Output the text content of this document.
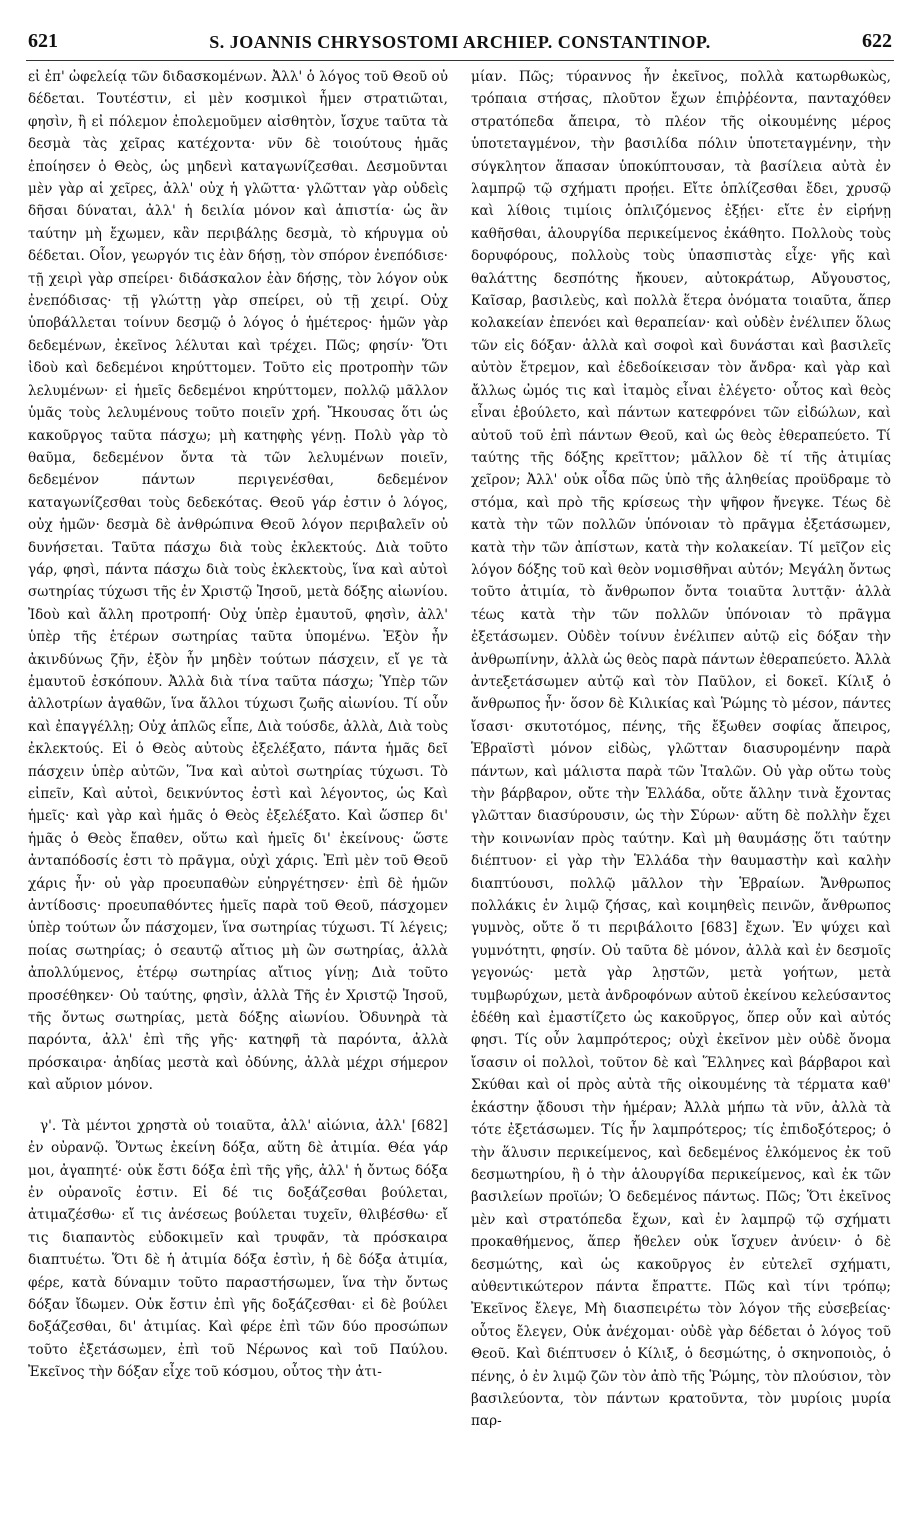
621	S. JOANNIS CHRYSOSTOMI ARCHIEP. CONSTANTINOP.	622

εἰ ἐπ' ὠφελείᾳ τῶν διδασκομένων. Ἀλλ' ὁ λόγος τοῦ Θεοῦ οὐ δέδεται. Τουτέστιν, εἰ μὲν κοσμικοὶ ἦμεν στρατιῶται, φησὶν, ἢ εἰ πόλεμον ἐπολεμοῦμεν αἰσθητὸν, ἴσχυε ταῦτα τὰ δεσμὰ τὰς χεῖρας κατέχοντα· νῦν δὲ τοιούτους ἡμᾶς ἐποίησεν ὁ Θεὸς, ὡς μηδενὶ καταγωνίζεσθαι. Δεσμοῦνται μὲν γὰρ αἱ χεῖρες, ἀλλ' οὐχ ἡ γλῶττα· γλῶτταν γὰρ οὐδεὶς δῆσαι δύναται, ἀλλ' ἡ δειλία μόνον καὶ ἀπιστία· ὡς ἂν ταύτην μὴ ἔχωμεν, κἂν περιβάλῃς δεσμὰ, τὸ κήρυγμα οὐ δέδεται. Οἷον, γεωργόν τις ἐὰν δήσῃ, τὸν σπόρον ἐνεπόδισε· τῇ χειρὶ γὰρ σπείρει· διδάσκαλον ἐὰν δήσῃς, τὸν λόγον οὐκ ἐνεπόδισας· τῇ γλώττῃ γὰρ σπείρει, οὐ τῇ χειρί. Οὐχ ὑποβάλλεται τοίνυν δεσμῷ ὁ λόγος ὁ ἡμέτερος· ἡμῶν γὰρ δεδεμένων, ἐκεῖνος λέλυται καὶ τρέχει. Πῶς; φησίν· Ὅτι ἰδοὺ καὶ δεδεμένοι κηρύττομεν. Τοῦτο εἰς προτροπὴν τῶν λελυμένων· εἰ ἡμεῖς δεδεμένοι κηρύττομεν, πολλῷ μᾶλλον ὑμᾶς τοὺς λελυμένους τοῦτο ποιεῖν χρή. Ἤκουσας ὅτι ὡς κακοῦργος ταῦτα πάσχω; μὴ κατηφὴς γένῃ. Πολὺ γὰρ τὸ θαῦμα, δεδεμένον ὄντα τὰ τῶν λελυμένων ποιεῖν, δεδεμένον πάντων περιγενέσθαι, δεδεμένον καταγωνίζεσθαι τοὺς δεδεκότας. Θεοῦ γάρ ἐστιν ὁ λόγος, οὐχ ἡμῶν· δεσμὰ δὲ ἀνθρώπινα Θεοῦ λόγον περιβαλεῖν οὐ δυνήσεται. Ταῦτα πάσχω διὰ τοὺς ἐκλεκτούς. Διὰ τοῦτο γάρ, φησὶ, πάντα πάσχω διὰ τοὺς ἐκλεκτοὺς, ἵνα καὶ αὐτοὶ σωτηρίας τύχωσι τῆς ἐν Χριστῷ Ἰησοῦ, μετὰ δόξης αἰωνίου. Ἰδοὺ καὶ ἄλλη προτροπή· Οὐχ ὑπὲρ ἐμαυτοῦ, φησὶν, ἀλλ' ὑπὲρ τῆς ἑτέρων σωτηρίας ταῦτα ὑπομένω. Ἐξὸν ἦν ἀκινδύνως ζῆν, ἐξὸν ἦν μηδὲν τούτων πάσχειν, εἴ γε τὰ ἐμαυτοῦ ἐσκόπουν. Ἀλλὰ διὰ τίνα ταῦτα πάσχω; Ὑπὲρ τῶν ἀλλοτρίων ἀγαθῶν, ἵνα ἄλλοι τύχωσι ζωῆς αἰωνίου. Τί οὖν καὶ ἐπαγγέλλῃ; Οὐχ ἁπλῶς εἶπε, Διὰ τούσδε, ἀλλὰ, Διὰ τοὺς ἐκλεκτούς. Εἰ ὁ Θεὸς αὐτοὺς ἐξελέξατο, πάντα ἡμᾶς δεῖ πάσχειν ὑπὲρ αὐτῶν, Ἵνα καὶ αὐτοὶ σωτηρίας τύχωσι. Τὸ εἰπεῖν, Καὶ αὐτοὶ, δεικνύντος ἐστὶ καὶ λέγοντος, ὡς Καὶ ἡμεῖς· καὶ γὰρ καὶ ἡμᾶς ὁ Θεὸς ἐξελέξατο. Καὶ ὥσπερ δι' ἡμᾶς ὁ Θεὸς ἔπαθεν, οὕτω καὶ ἡμεῖς δι' ἐκείνους· ὥστε ἀνταπόδοσίς ἐστι τὸ πρᾶγμα, οὐχὶ χάρις. Ἐπὶ μὲν τοῦ Θεοῦ χάρις ἦν· οὐ γὰρ προευπαθὼν εὐηργέτησεν· ἐπὶ δὲ ἡμῶν ἀντίδοσις· προευπαθόντες ἡμεῖς παρὰ τοῦ Θεοῦ, πάσχομεν ὑπὲρ τούτων ὧν πάσχομεν, ἵνα σωτηρίας τύχωσι. Τί λέγεις; ποίας σωτηρίας; ὁ σεαυτῷ αἴτιος μὴ ὢν σωτηρίας, ἀλλὰ ἀπολλύμενος, ἑτέρῳ σωτηρίας αἴτιος γίνῃ; Διὰ τοῦτο προσέθηκεν· Οὐ ταύτης, φησὶν, ἀλλὰ Τῆς ἐν Χριστῷ Ἰησοῦ, τῆς ὄντως σωτηρίας, μετὰ δόξης αἰωνίου. Ὀδυνηρὰ τὰ παρόντα, ἀλλ' ἐπὶ τῆς γῆς· κατηφῆ τὰ παρόντα, ἀλλὰ πρόσκαιρα· ἀηδίας μεστὰ καὶ ὀδύνης, ἀλλὰ μέχρι σήμερον καὶ αὔριον μόνον.

γ'. Τὰ μέντοι χρηστὰ οὐ τοιαῦτα, ἀλλ' αἰώνια, ἀλλ' [682] ἐν οὐρανῷ. Ὄντως ἐκείνη δόξα, αὕτη δὲ ἀτιμία. Θέα γάρ μοι, ἀγαπητέ· οὐκ ἔστι δόξα ἐπὶ τῆς γῆς, ἀλλ' ἡ ὄντως δόξα ἐν οὐρανοῖς ἐστιν. Εἰ δέ τις δοξάζεσθαι βούλεται, ἀτιμαζέσθω· εἴ τις ἀνέσεως βούλεται τυχεῖν, θλιβέσθω· εἴ τις διαπαντὸς εὐδοκιμεῖν καὶ τρυφᾶν, τὰ πρόσκαιρα διαπτυέτω. Ὅτι δὲ ἡ ἀτιμία δόξα ἐστὶν, ἡ δὲ δόξα ἀτιμία, φέρε, κατὰ δύναμιν τοῦτο παραστήσωμεν, ἵνα τὴν ὄντως δόξαν ἴδωμεν. Οὐκ ἔστιν ἐπὶ γῆς δοξάζεσθαι· εἰ δὲ βούλει δοξάζεσθαι, δι' ἀτιμίας. Καὶ φέρε ἐπὶ τῶν δύο προσώπων τοῦτο ἐξετάσωμεν, ἐπὶ τοῦ Νέρωνος καὶ τοῦ Παύλου. Ἐκεῖνος τὴν δόξαν εἶχε τοῦ κόσμου, οὗτος τὴν ἀτι-

μίαν. Πῶς; τύραννος ἦν ἐκεῖνος, πολλὰ κατωρθωκὼς, τρόπαια στήσας, πλοῦτον ἔχων ἐπιῤῥέοντα, πανταχόθεν στρατόπεδα ἄπειρα, τὸ πλέον τῆς οἰκουμένης μέρος ὑποτεταγμένον, τὴν βασιλίδα πόλιν ὑποτεταγμένην, τὴν σύγκλητον ἅπασαν ὑποκύπτουσαν, τὰ βασίλεια αὐτὰ ἐν λαμπρῷ τῷ σχήματι προῄει. Εἴτε ὁπλίζεσθαι ἔδει, χρυσῷ καὶ λίθοις τιμίοις ὁπλιζόμενος ἐξῄει· εἴτε ἐν εἰρήνῃ καθῆσθαι, ἁλουργίδα περικείμενος ἐκάθητο. Πολλοὺς τοὺς δορυφόρους, πολλοὺς τοὺς ὑπασπιστὰς εἶχε· γῆς καὶ θαλάττης δεσπότης ἤκουεν, αὐτοκράτωρ, Αὔγουστος, Καῖσαρ, βασιλεὺς, καὶ πολλὰ ἕτερα ὀνόματα τοιαῦτα, ἅπερ κολακείαν ἐπενόει καὶ θεραπείαν· καὶ οὐδὲν ἐνέλιπεν ὅλως τῶν εἰς δόξαν· ἀλλὰ καὶ σοφοὶ καὶ δυνάσται καὶ βασιλεῖς αὐτὸν ἔτρεμον, καὶ ἐδεδοίκεισαν τὸν ἄνδρα· καὶ γὰρ καὶ ἄλλως ὠμός τις καὶ ἰταμὸς εἶναι ἐλέγετο· οὗτος καὶ θεὸς εἶναι ἐβούλετο, καὶ πάντων κατεφρόνει τῶν εἰδώλων, καὶ αὐτοῦ τοῦ ἐπὶ πάντων Θεοῦ, καὶ ὡς θεὸς ἐθεραπεύετο. Τί ταύτης τῆς δόξης κρεῖττον; μᾶλλον δὲ τί τῆς ἀτιμίας χεῖρον; Ἀλλ' οὐκ οἶδα πῶς ὑπὸ τῆς ἀληθείας προϋδραμε τὸ στόμα, καὶ πρὸ τῆς κρίσεως τὴν ψῆφον ἤνεγκε. Τέως δὲ κατὰ τὴν τῶν πολλῶν ὑπόνοιαν τὸ πρᾶγμα ἐξετάσωμεν, κατὰ τὴν τῶν ἀπίστων, κατὰ τὴν κολακείαν. Τί μεῖζον εἰς λόγον δόξης τοῦ καὶ θεὸν νομισθῆναι αὐτόν; Μεγάλη ὄντως τοῦτο ἀτιμία, τὸ ἄνθρωπον ὄντα τοιαῦτα λυττᾷν· ἀλλὰ τέως κατὰ τὴν τῶν πολλῶν ὑπόνοιαν τὸ πρᾶγμα ἐξετάσωμεν. Οὐδὲν τοίνυν ἐνέλιπεν αὐτῷ εἰς δόξαν τὴν ἀνθρωπίνην, ἀλλὰ ὡς θεὸς παρὰ πάντων ἐθεραπεύετο. Ἀλλὰ ἀντεξετάσωμεν αὐτῷ καὶ τὸν Παῦλον, εἰ δοκεῖ. Κίλιξ ὁ ἄνθρωπος ἦν· ὅσον δὲ Κιλικίας καὶ Ῥώμης τὸ μέσον, πάντες ἴσασι· σκυτοτόμος, πένης, τῆς ἔξωθεν σοφίας ἄπειρος, Ἑβραϊστὶ μόνον εἰδὼς, γλῶτταν διασυρομένην παρὰ πάντων, καὶ μάλιστα παρὰ τῶν Ἰταλῶν. Οὐ γὰρ οὕτω τοὺς τὴν βάρβαρον, οὔτε τὴν Ἑλλάδα, οὔτε ἄλλην τινὰ ἔχοντας γλῶτταν διασύρουσιν, ὡς τὴν Σύρων· αὕτη δὲ πολλὴν ἔχει τὴν κοινωνίαν πρὸς ταύτην. Καὶ μὴ θαυμάσῃς ὅτι ταύτην διέπτυον· εἰ γὰρ τὴν Ἑλλάδα τὴν θαυμαστὴν καὶ καλὴν διαπτύουσι, πολλῷ μᾶλλον τὴν Ἑβραίων. Ἄνθρωπος πολλάκις ἐν λιμῷ ζήσας, καὶ κοιμηθεὶς πεινῶν, ἄνθρωπος γυμνὸς, οὔτε ὅ τι περιβάλοιτο [683] ἔχων. Ἐν ψύχει καὶ γυμνότητι, φησίν. Οὐ ταῦτα δὲ μόνον, ἀλλὰ καὶ ἐν δεσμοῖς γεγονώς· μετὰ γὰρ λῃστῶν, μετὰ γοήτων, μετὰ τυμβωρύχων, μετὰ ἀνδροφόνων αὐτοῦ ἐκείνου κελεύσαντος ἐδέθη καὶ ἐμαστίζετο ὡς κακοῦργος, ὅπερ οὖν καὶ αὐτός φησι. Τίς οὖν λαμπρότερος; οὐχὶ ἐκεῖνον μὲν οὐδὲ ὄνομα ἴσασιν οἱ πολλοὶ, τοῦτον δὲ καὶ Ἕλληνες καὶ βάρβαροι καὶ Σκύθαι καὶ οἱ πρὸς αὐτὰ τῆς οἰκουμένης τὰ τέρματα καθ' ἑκάστην ᾄδουσι τὴν ἡμέραν; Ἀλλὰ μήπω τὰ νῦν, ἀλλὰ τὰ τότε ἐξετάσωμεν. Τίς ἦν λαμπρότερος; τίς ἐπιδοξότερος; ὁ τὴν ἅλυσιν περικείμενος, καὶ δεδεμένος ἑλκόμενος ἐκ τοῦ δεσμωτηρίου, ἢ ὁ τὴν ἁλουργίδα περικείμενος, καὶ ἐκ τῶν βασιλείων προϊών; Ὁ δεδεμένος πάντως. Πῶς; Ὅτι ἐκεῖνος μὲν καὶ στρατόπεδα ἔχων, καὶ ἐν λαμπρῷ τῷ σχήματι προκαθήμενος, ἅπερ ἤθελεν οὐκ ἴσχυεν ἀνύειν· ὁ δὲ δεσμώτης, καὶ ὡς κακοῦργος ἐν εὐτελεῖ σχήματι, αὐθεντικώτερον πάντα ἔπραττε. Πῶς καὶ τίνι τρόπῳ; Ἐκεῖνος ἔλεγε, Μὴ διασπειρέτω τὸν λόγον τῆς εὐσεβείας· οὗτος ἔλεγεν, Οὐκ ἀνέχομαι· οὐδὲ γὰρ δέδεται ὁ λόγος τοῦ Θεοῦ. Καὶ διέπτυσεν ὁ Κίλιξ, ὁ δεσμώτης, ὁ σκηνοποιὸς, ὁ πένης, ὁ ἐν λιμῷ ζῶν τὸν ἀπὸ τῆς Ῥώμης, τὸν πλούσιον, τὸν βασιλεύοντα, τὸν πάντων κρατοῦντα, τὸν μυρίοις μυρία παρ-
